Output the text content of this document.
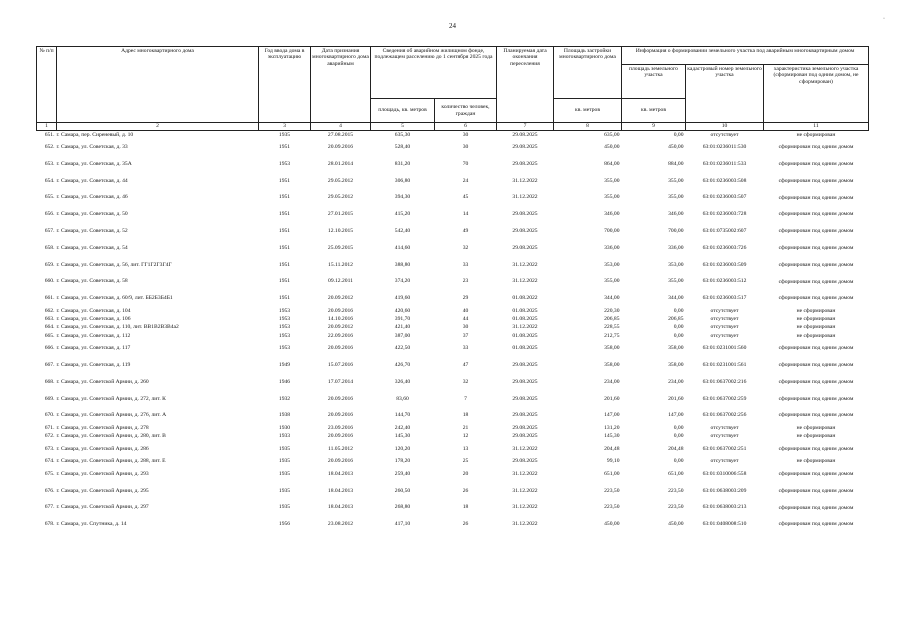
24
·
№ п/п	Адрес многоквартирного дома	Год ввода дома в эксплуатацию	Дата признания многоквартирного дома аварийным	Сведения об аварийном жилищном фонде, подлежащем расселению до 1 сентября 2025 года		Планируемая дата окончания переселения	Площадь застройки многоквартирного дома	Информация о формировании земельного участка под аварийным многоквартирным домом		
								площадь земельного участка	кадастровый номер земельного участка	характеристика земельного участка (сформирован под одним домом, не сформирован)
				площадь, кв. метров	количество человек, граждан		кв. метров	кв. метров		
1	2	3	4	5	6	7	8	9	10	11
651.	г. Самара, пер. Сиреневый, д. 10	1935	27.08.2015	635,30	30	29.08.2025	635,00	0,00	отсутствует	не сформирован
652.	г. Самара, ул. Советская, д. 33	1951	20.09.2016	528,40	30	29.08.2025	450,00	450,00	63:01:0236011:530	сформирован под одним домом
653.	г. Самара, ул. Советская, д. 35А	1953	28.01.2014	831,20	70	29.08.2025	864,00	884,00	63:01:0236011:533	сформирован под одним домом
654.	г. Самара, ул. Советская, д. 44	1951	29.05.2012	306,80	24	31.12.2022	355,00	355,00	63:01:0236003:508	сформирован под одним домом
655.	г. Самара, ул. Советская, д. 46	1951	29.05.2012	394,30	45	31.12.2022	355,00	355,00	63:01:0236003:507	сформирован под одним домом
656.	г. Самара, ул. Советская, д. 50	1951	27.01.2015	415,20	14	29.08.2025	346,00	346,00	63:01:0236003:728	сформирован под одним домом
657.	г. Самара, ул. Советская, д. 52	1951	12.10.2015	542,40	49	29.08.2025	700,00	700,00	63:01:0735002:607	сформирован под одним домом
658.	г. Самара, ул. Советская, д. 54	1951	25.09.2015	414,60	32	29.08.2025	336,00	336,00	63:01:0236003:726	сформирован под одним домом
659.	г. Самара, ул. Советская, д. 56, лит. ГГ1Г2Г3Г4Г	1951	15.11.2012	388,80	33	31.12.2022	353,00	353,00	63:01:0236003:509	сформирован под одним домом
660.	г. Самара, ул. Советская, д. 58	1951	09.12.2011	374,20	23	31.12.2022	355,00	355,00	63:01:0236003:512	сформирован под одним домом
661.	г. Самара, ул. Советская, д. 60/9, лит. ББ2Б3Б4Б1	1951	20.09.2012	419,60	29	01.08.2022	344,00	344,00	63:01:0236003:517	сформирован под одним домом
662.	г. Самара, ул. Советская, д. 104	1953	20.09.2016	420,60	40	01.08.2025	220,30	0,00	отсутствует	не сформирован
663.	г. Самара, ул. Советская, д. 106	1953	14.10.2016	391,70	44	01.08.2025	206,85	206,85	отсутствует	не сформирован
664.	г. Самара, ул. Советская, д. 110, лит. ВВ1В2В3В4а2	1953	20.09.2012	421,40	30	31.12.2022	228,55	0,00	отсутствует	не сформирован
665.	г. Самара, ул. Советская, д. 112	1953	22.09.2016	387,00	37	01.08.2025	212,75	0,00	отсутствует	не сформирован
666.	г. Самара, ул. Советская, д. 117	1953	20.09.2016	422,50	33	01.08.2025	358,00	358,00	63:01:0231001:560	сформирован под одним домом
667.	г. Самара, ул. Советская, д. 119	1949	15.07.2016	426,70	47	29.08.2025	358,00	358,00	63:01:0231001:561	сформирован под одним домом
668.	г. Самара, ул. Советской Армии, д. 260	1946	17.07.2014	326,40	32	29.08.2025	234,00	234,00	63:01:0637002:216	сформирован под одним домом
669.	г. Самара, ул. Советской Армии, д. 272, лит. К	1932	20.09.2016	83,60	7	29.08.2025	201,60	201,60	63:01:0637002:259	сформирован под одним домом
670.	г. Самара, ул. Советской Армии, д. 276, лит. А	1938	20.09.2016	144,70	18	29.08.2025	147,00	147,00	63:01:0637002:256	сформирован под одним домом
671.	г. Самара, ул. Советской Армии, д. 278	1930	23.09.2016	242,40	21	29.08.2025	131,20	0,00	отсутствует	не сформирован
672.	г. Самара, ул. Советской Армии, д. 280, лит. В	1933	20.09.2016	145,30	12	29.08.2025	145,30	0,00	отсутствует	не сформирован
673.	г. Самара, ул. Советской Армии, д. 286	1935	11.05.2012	120,20	13	31.12.2022	204,48	204,48	63:01:0637002:251	сформирован под одним домом
674.	г. Самара, ул. Советской Армии, д. 288, лит. Е	1935	20.09.2016	178,20	25	29.08.2025	99,10	0,00	отсутствует	не сформирован
675.	г. Самара, ул. Советской Армии, д. 293	1935	18.04.2013	259,40	20	31.12.2022	651,00	651,00	63:01:0310006:558	сформирован под одним домом
676.	г. Самара, ул. Советской Армии, д. 295	1935	18.04.2013	260,50	26	31.12.2022	223,50	223,50	63:01:0638003:209	сформирован под одним домом
677.	г. Самара, ул. Советской Армии, д. 297	1935	18.04.2013	268,80	18	31.12.2022	223,50	223,50	63:01:0638003:213	сформирован под одним домом
678.	г. Самара, ул. Спутника, д. 14	1956	23.08.2012	417,10	26	31.12.2022	450,00	450,00	63:01:0408008:510	сформирован под одним домом
